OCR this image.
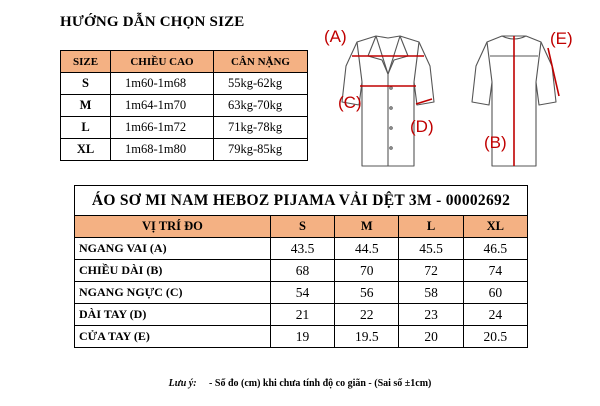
HƯỚNG DẪN CHỌN SIZE
SIZE	CHIỀU CAO	CÂN NẶNG
S	1m60-1m68	55kg-62kg
M	1m64-1m70	63kg-70kg
L	1m66-1m72	71kg-78kg
XL	1m68-1m80	79kg-85kg
(A)
(B)
(C)
(D)
(E)
ÁO SƠ MI NAM HEBOZ PIJAMA VẢI DỆT 3M - 00002692				
VỊ TRÍ ĐO	S	M	L	XL
NGANG VAI (A)	43.5	44.5	45.5	46.5
CHIỀU DÀI (B)	68	70	72	74
NGANG NGỰC (C)	54	56	58	60
DÀI TAY (D)	21	22	23	24
CỬA TAY (E)	19	19.5	20	20.5
Lưu ý: - Số đo (cm) khi chưa tính độ co giãn - (Sai số ±1cm)
